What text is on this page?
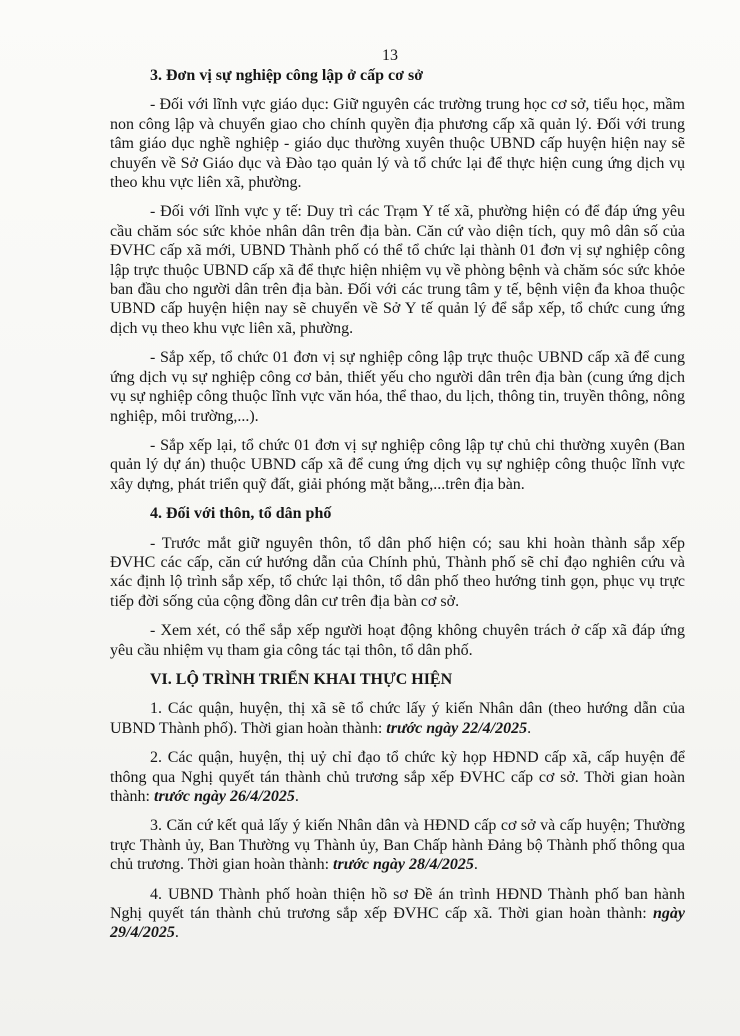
13
3. Đơn vị sự nghiệp công lập ở cấp cơ sở

- Đối với lĩnh vực giáo dục: Giữ nguyên các trường trung học cơ sở, tiểu học, mầm non công lập và chuyển giao cho chính quyền địa phương cấp xã quản lý. Đối với trung tâm giáo dục nghề nghiệp - giáo dục thường xuyên thuộc UBND cấp huyện hiện nay sẽ chuyển về Sở Giáo dục và Đào tạo quản lý và tổ chức lại để thực hiện cung ứng dịch vụ theo khu vực liên xã, phường.

- Đối với lĩnh vực y tế: Duy trì các Trạm Y tế xã, phường hiện có để đáp ứng yêu cầu chăm sóc sức khỏe nhân dân trên địa bàn. Căn cứ vào diện tích, quy mô dân số của ĐVHC cấp xã mới, UBND Thành phố có thể tổ chức lại thành 01 đơn vị sự nghiệp công lập trực thuộc UBND cấp xã để thực hiện nhiệm vụ về phòng bệnh và chăm sóc sức khỏe ban đầu cho người dân trên địa bàn. Đối với các trung tâm y tế, bệnh viện đa khoa thuộc UBND cấp huyện hiện nay sẽ chuyển về Sở Y tế quản lý để sắp xếp, tổ chức cung ứng dịch vụ theo khu vực liên xã, phường.

- Sắp xếp, tổ chức 01 đơn vị sự nghiệp công lập trực thuộc UBND cấp xã để cung ứng dịch vụ sự nghiệp công cơ bản, thiết yếu cho người dân trên địa bàn (cung ứng dịch vụ sự nghiệp công thuộc lĩnh vực văn hóa, thể thao, du lịch, thông tin, truyền thông, nông nghiệp, môi trường,...).

- Sắp xếp lại, tổ chức 01 đơn vị sự nghiệp công lập tự chủ chi thường xuyên (Ban quản lý dự án) thuộc UBND cấp xã để cung ứng dịch vụ sự nghiệp công thuộc lĩnh vực xây dựng, phát triển quỹ đất, giải phóng mặt bằng,...trên địa bàn.

4. Đối với thôn, tổ dân phố

- Trước mắt giữ nguyên thôn, tổ dân phố hiện có; sau khi hoàn thành sắp xếp ĐVHC các cấp, căn cứ hướng dẫn của Chính phủ, Thành phố sẽ chỉ đạo nghiên cứu và xác định lộ trình sắp xếp, tổ chức lại thôn, tổ dân phố theo hướng tinh gọn, phục vụ trực tiếp đời sống của cộng đồng dân cư trên địa bàn cơ sở.

- Xem xét, có thể sắp xếp người hoạt động không chuyên trách ở cấp xã đáp ứng yêu cầu nhiệm vụ tham gia công tác tại thôn, tổ dân phố.

VI. LỘ TRÌNH TRIỂN KHAI THỰC HIỆN

1. Các quận, huyện, thị xã sẽ tổ chức lấy ý kiến Nhân dân (theo hướng dẫn của UBND Thành phố). Thời gian hoàn thành: trước ngày 22/4/2025.

2. Các quận, huyện, thị uỷ chỉ đạo tổ chức kỳ họp HĐND cấp xã, cấp huyện để thông qua Nghị quyết tán thành chủ trương sắp xếp ĐVHC cấp cơ sở. Thời gian hoàn thành: trước ngày 26/4/2025.

3. Căn cứ kết quả lấy ý kiến Nhân dân và HĐND cấp cơ sở và cấp huyện; Thường trực Thành ủy, Ban Thường vụ Thành ủy, Ban Chấp hành Đảng bộ Thành phố thông qua chủ trương. Thời gian hoàn thành: trước ngày 28/4/2025.

4. UBND Thành phố hoàn thiện hồ sơ Đề án trình HĐND Thành phố ban hành Nghị quyết tán thành chủ trương sắp xếp ĐVHC cấp xã. Thời gian hoàn thành: ngày 29/4/2025.
